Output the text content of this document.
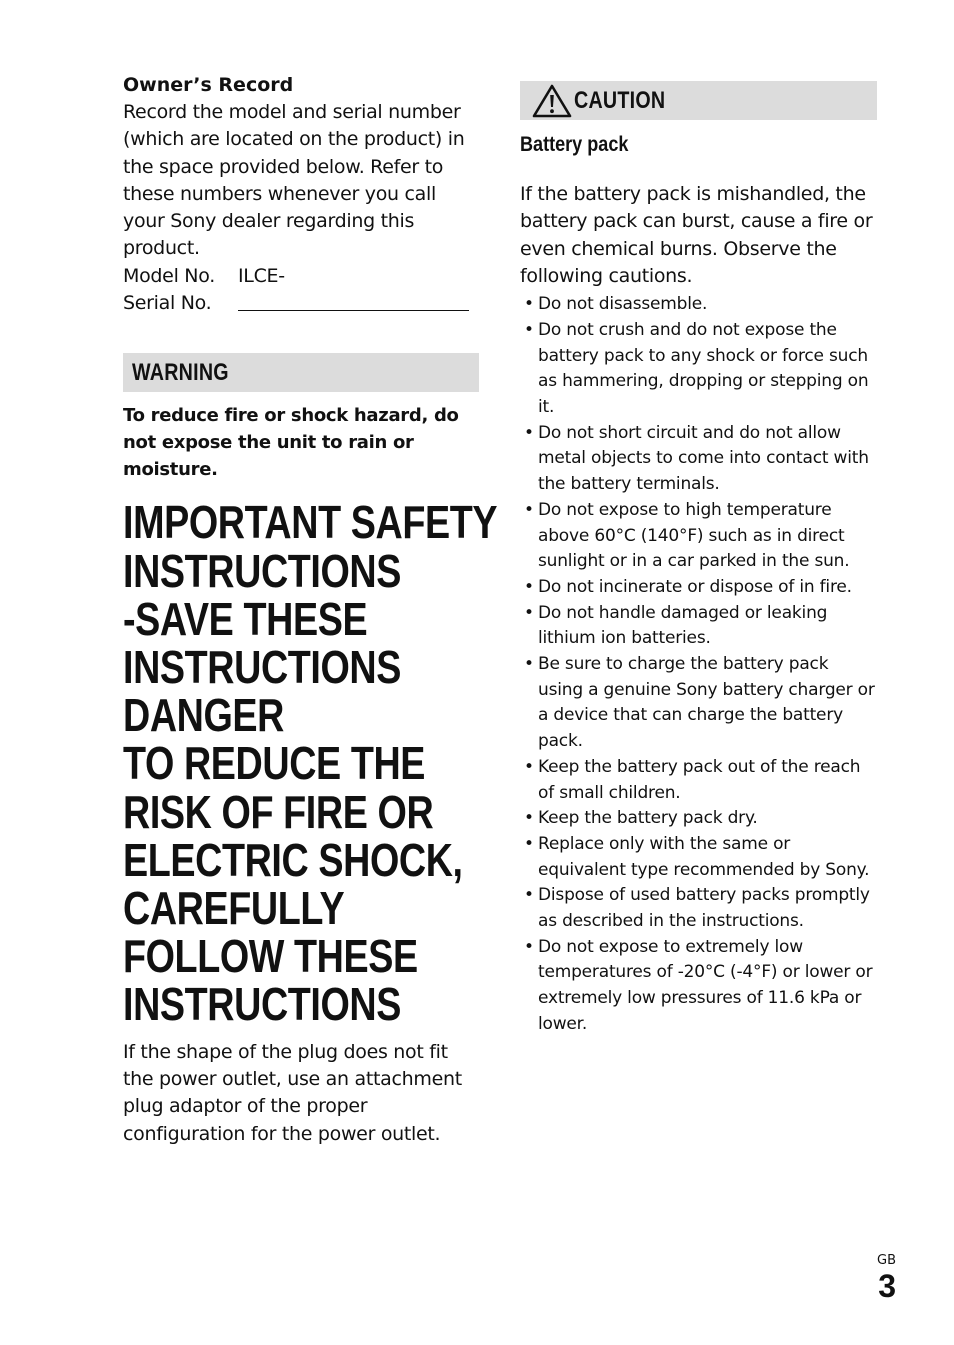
Owner’s Record

Record the model and serial number (which are located on the product) in the space provided below. Refer to these numbers whenever you call your Sony dealer regarding this product.

Model No.	ILCE-
Serial No.
WARNING

To reduce fire or shock hazard, do not expose the unit to rain or moisture.

IMPORTANT SAFETY
INSTRUCTIONS
-SAVE THESE
INSTRUCTIONS
DANGER
TO REDUCE THE
RISK OF FIRE OR
ELECTRIC SHOCK,
CAREFULLY
FOLLOW THESE
INSTRUCTIONS

If the shape of the plug does not fit the power outlet, use an attachment plug adaptor of the proper configuration for the power outlet.

CAUTION
Battery pack

If the battery pack is mishandled, the battery pack can burst, cause a fire or even chemical burns. Observe the following cautions.

• Do not disassemble.
• Do not crush and do not expose the battery pack to any shock or force such as hammering, dropping or stepping on it.
• Do not short circuit and do not allow metal objects to come into contact with the battery terminals.
• Do not expose to high temperature above 60°C (140°F) such as in direct sunlight or in a car parked in the sun.
• Do not incinerate or dispose of in fire.
• Do not handle damaged or leaking lithium ion batteries.
• Be sure to charge the battery pack using a genuine Sony battery charger or a device that can charge the battery pack.
• Keep the battery pack out of the reach of small children.
• Keep the battery pack dry.
• Replace only with the same or equivalent type recommended by Sony.
• Dispose of used battery packs promptly as described in the instructions.
• Do not expose to extremely low temperatures of -20°C (-4°F) or lower or extremely low pressures of 11.6 kPa or lower.
GB
3
